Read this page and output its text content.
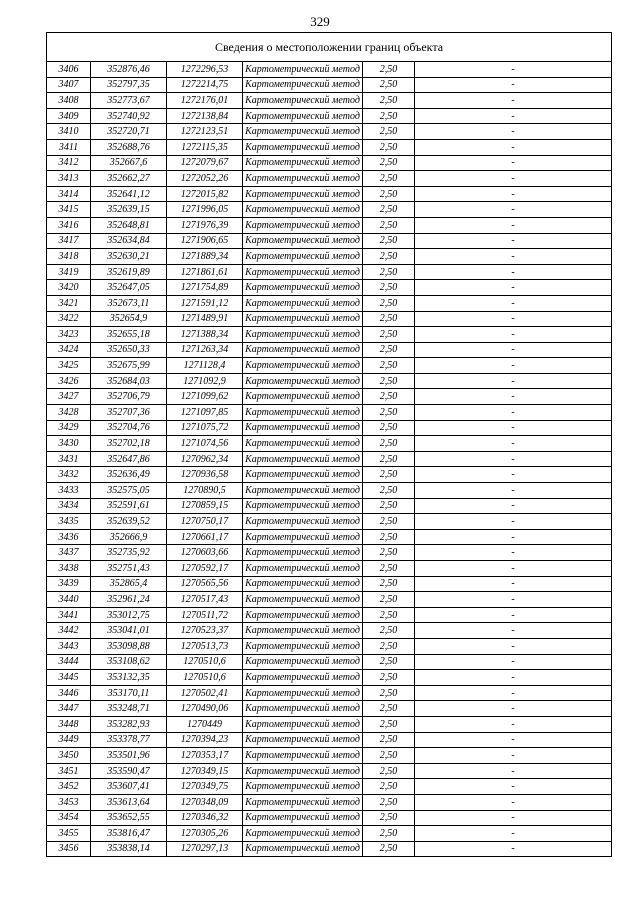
329
Сведения о местоположении границ объекта					
3406	352876,46	1272296,53	Картометрический метод	2,50	-
3407	352797,35	1272214,75	Картометрический метод	2,50	-
3408	352773,67	1272176,01	Картометрический метод	2,50	-
3409	352740,92	1272138,84	Картометрический метод	2,50	-
3410	352720,71	1272123,51	Картометрический метод	2,50	-
3411	352688,76	1272115,35	Картометрический метод	2,50	-
3412	352667,6	1272079,67	Картометрический метод	2,50	-
3413	352662,27	1272052,26	Картометрический метод	2,50	-
3414	352641,12	1272015,82	Картометрический метод	2,50	-
3415	352639,15	1271996,05	Картометрический метод	2,50	-
3416	352648,81	1271976,39	Картометрический метод	2,50	-
3417	352634,84	1271906,65	Картометрический метод	2,50	-
3418	352630,21	1271889,34	Картометрический метод	2,50	-
3419	352619,89	1271861,61	Картометрический метод	2,50	-
3420	352647,05	1271754,89	Картометрический метод	2,50	-
3421	352673,11	1271591,12	Картометрический метод	2,50	-
3422	352654,9	1271489,91	Картометрический метод	2,50	-
3423	352655,18	1271388,34	Картометрический метод	2,50	-
3424	352650,33	1271263,34	Картометрический метод	2,50	-
3425	352675,99	1271128,4	Картометрический метод	2,50	-
3426	352684,03	1271092,9	Картометрический метод	2,50	-
3427	352706,79	1271099,62	Картометрический метод	2,50	-
3428	352707,36	1271097,85	Картометрический метод	2,50	-
3429	352704,76	1271075,72	Картометрический метод	2,50	-
3430	352702,18	1271074,56	Картометрический метод	2,50	-
3431	352647,86	1270962,34	Картометрический метод	2,50	-
3432	352636,49	1270936,58	Картометрический метод	2,50	-
3433	352575,05	1270890,5	Картометрический метод	2,50	-
3434	352591,61	1270859,15	Картометрический метод	2,50	-
3435	352639,52	1270750,17	Картометрический метод	2,50	-
3436	352666,9	1270661,17	Картометрический метод	2,50	-
3437	352735,92	1270603,66	Картометрический метод	2,50	-
3438	352751,43	1270592,17	Картометрический метод	2,50	-
3439	352865,4	1270565,56	Картометрический метод	2,50	-
3440	352961,24	1270517,43	Картометрический метод	2,50	-
3441	353012,75	1270511,72	Картометрический метод	2,50	-
3442	353041,01	1270523,37	Картометрический метод	2,50	-
3443	353098,88	1270513,73	Картометрический метод	2,50	-
3444	353108,62	1270510,6	Картометрический метод	2,50	-
3445	353132,35	1270510,6	Картометрический метод	2,50	-
3446	353170,11	1270502,41	Картометрический метод	2,50	-
3447	353248,71	1270490,06	Картометрический метод	2,50	-
3448	353282,93	1270449	Картометрический метод	2,50	-
3449	353378,77	1270394,23	Картометрический метод	2,50	-
3450	353501,96	1270353,17	Картометрический метод	2,50	-
3451	353590,47	1270349,15	Картометрический метод	2,50	-
3452	353607,41	1270349,75	Картометрический метод	2,50	-
3453	353613,64	1270348,09	Картометрический метод	2,50	-
3454	353652,55	1270346,32	Картометрический метод	2,50	-
3455	353816,47	1270305,26	Картометрический метод	2,50	-
3456	353838,14	1270297,13	Картометрический метод	2,50	-
